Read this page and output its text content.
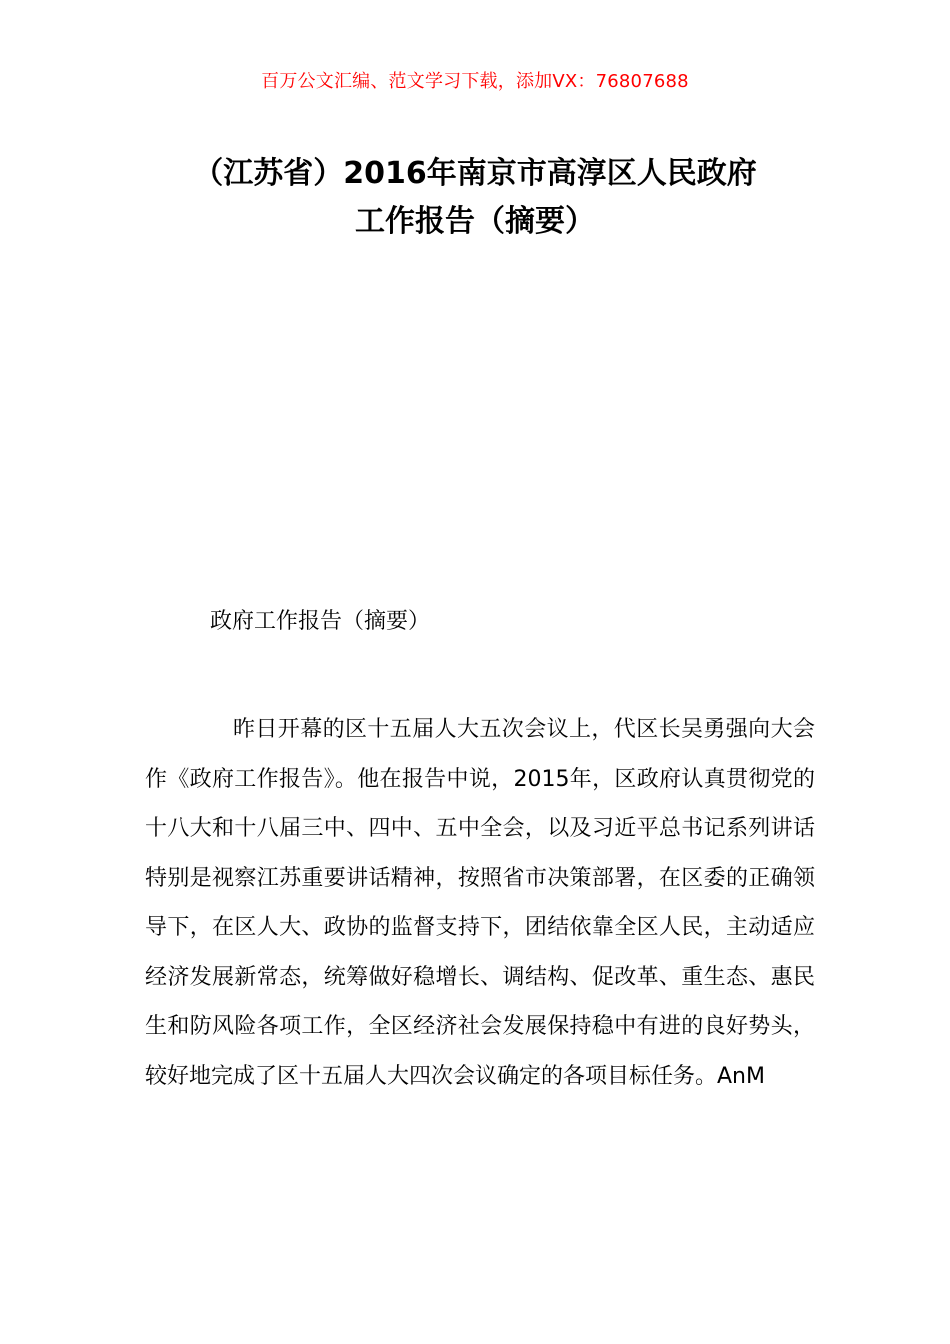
百万公文汇编、范文学习下载，添加VX：76807688
（江苏省）2016年南京市高淳区人民政府
工作报告（摘要）
政府工作报告（摘要）

昨日开幕的区十五届人大五次会议上，代区长吴勇强向大会作《政府工作报告》。他在报告中说，2015年，区政府认真贯彻党的十八大和十八届三中、四中、五中全会，以及习近平总书记系列讲话特别是视察江苏重要讲话精神，按照省市决策部署，在区委的正确领导下，在区人大、政协的监督支持下，团结依靠全区人民，主动适应经济发展新常态，统筹做好稳增长、调结构、促改革、重生态、惠民生和防风险各项工作，全区经济社会发展保持稳中有进的良好势头，较好地完成了区十五届人大四次会议确定的各项目标任务。AnM
